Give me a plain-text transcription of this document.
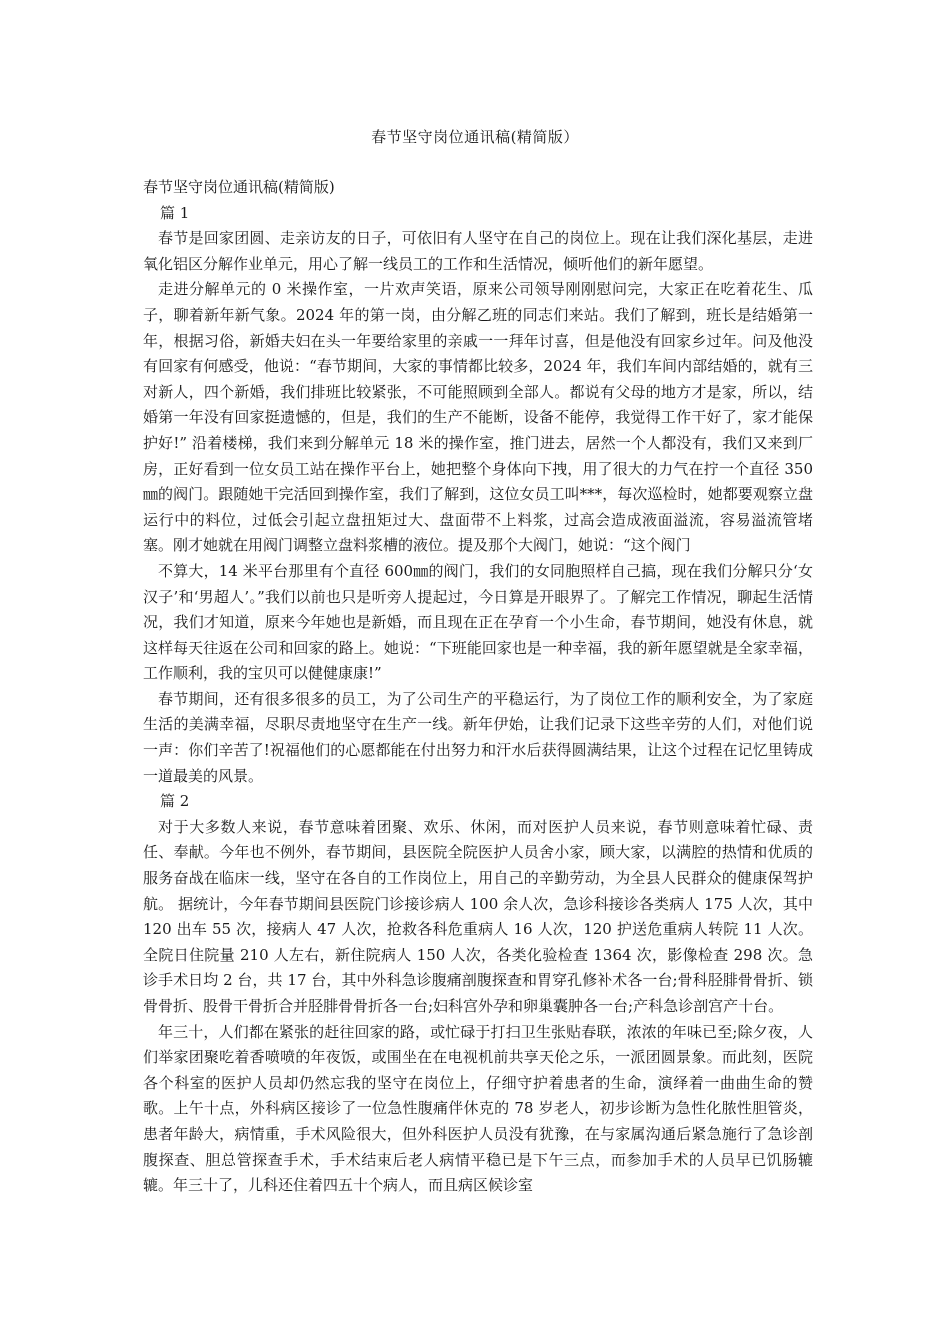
春节坚守岗位通讯稿(精简版）

春节坚守岗位通讯稿(精简版)

篇 1

春节是回家团圆、走亲访友的日子，可依旧有人坚守在自己的岗位上。现在让我们深化基层，走进氧化铝区分解作业单元，用心了解一线员工的工作和生活情况，倾听他们的新年愿望。

走进分解单元的 0 米操作室，一片欢声笑语，原来公司领导刚刚慰问完，大家正在吃着花生、瓜子，聊着新年新气象。2024 年的第一岗，由分解乙班的同志们来站。我们了解到，班长是结婚第一年，根据习俗，新婚夫妇在头一年要给家里的亲戚一一拜年讨喜，但是他没有回家乡过年。问及他没有回家有何感受，他说：“春节期间，大家的事情都比较多，2024 年，我们车间内部结婚的，就有三对新人，四个新婚，我们排班比较紧张，不可能照顾到全部人。都说有父母的地方才是家，所以，结婚第一年没有回家挺遗憾的，但是，我们的生产不能断，设备不能停，我觉得工作干好了，家才能保护好!” 沿着楼梯，我们来到分解单元 18 米的操作室，推门进去，居然一个人都没有，我们又来到厂房，正好看到一位女员工站在操作平台上，她把整个身体向下拽，用了很大的力气在拧一个直径 350㎜的阀门。跟随她干完活回到操作室，我们了解到，这位女员工叫***，每次巡检时，她都要观察立盘运行中的料位，过低会引起立盘扭矩过大、盘面带不上料浆，过高会造成液面溢流，容易溢流管堵塞。刚才她就在用阀门调整立盘料浆槽的液位。提及那个大阀门，她说：“这个阀门

不算大，14 米平台那里有个直径 600㎜的阀门，我们的女同胞照样自己搞，现在我们分解只分‘女汉子’和‘男超人’。”我们以前也只是听旁人提起过，今日算是开眼界了。了解完工作情况，聊起生活情况，我们才知道，原来今年她也是新婚，而且现在正在孕育一个小生命，春节期间，她没有休息，就这样每天往返在公司和回家的路上。她说：“下班能回家也是一种幸福，我的新年愿望就是全家幸福，工作顺利，我的宝贝可以健健康康!”

春节期间，还有很多很多的员工，为了公司生产的平稳运行，为了岗位工作的顺利安全，为了家庭生活的美满幸福，尽职尽责地坚守在生产一线。新年伊始，让我们记录下这些辛劳的人们，对他们说一声：你们辛苦了!祝福他们的心愿都能在付出努力和汗水后获得圆满结果，让这个过程在记忆里铸成一道最美的风景。

篇 2

对于大多数人来说，春节意味着团聚、欢乐、休闲，而对医护人员来说，春节则意味着忙碌、责任、奉献。今年也不例外，春节期间，县医院全院医护人员舍小家，顾大家，以满腔的热情和优质的服务奋战在临床一线，坚守在各自的工作岗位上，用自己的辛勤劳动，为全县人民群众的健康保驾护航。 据统计，今年春节期间县医院门诊接诊病人 100 余人次，急诊科接诊各类病人 175 人次，其中 120 出车 55 次，接病人 47 人次，抢救各科危重病人 16 人次，120 护送危重病人转院 11 人次。全院日住院量 210 人左右，新住院病人 150 人次，各类化验检查 1364 次，影像检查 298 次。急诊手术日均 2 台，共 17 台，其中外科急诊腹痛剖腹探查和胃穿孔修补术各一台;骨科胫腓骨骨折、锁骨骨折、股骨干骨折合并胫腓骨骨折各一台;妇科宫外孕和卵巢囊肿各一台;产科急诊剖宫产十台。

年三十，人们都在紧张的赶往回家的路，或忙碌于打扫卫生张贴春联，浓浓的年味已至;除夕夜，人们举家团聚吃着香喷喷的年夜饭，或围坐在在电视机前共享天伦之乐，一派团圆景象。而此刻，医院各个科室的医护人员却仍然忘我的坚守在岗位上，仔细守护着患者的生命，演绎着一曲曲生命的赞歌。上午十点，外科病区接诊了一位急性腹痛伴休克的 78 岁老人，初步诊断为急性化脓性胆管炎，患者年龄大，病情重，手术风险很大，但外科医护人员没有犹豫，在与家属沟通后紧急施行了急诊剖腹探查、胆总管探查手术，手术结束后老人病情平稳已是下午三点，而参加手术的人员早已饥肠辘辘。年三十了，儿科还住着四五十个病人，而且病区候诊室
